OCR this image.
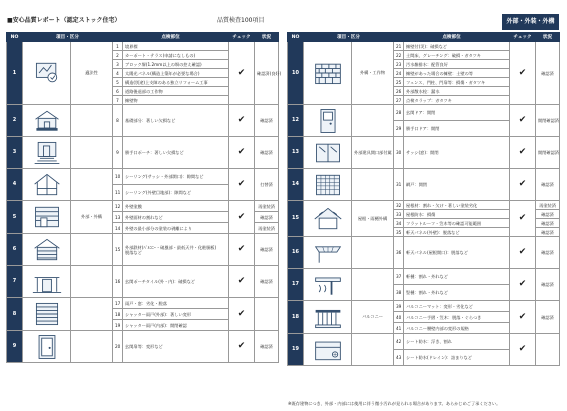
■安心品質レポート（認定ストック住宅）	品質検査100項目	外部・外装・外構
NO	項目・区分		点検部位		チェック	状況	
1		適法性	1	境界標	✔	確認済(良好)	
			2	カーポート・テラス(申請になしもの)			

			3	ブロック塀(1.2mm以上の塀の控え確認)			

			4	太陽光パネル(構造上築年が必要な場合)			

			5	構造(別途)上支障のある独立リフォーム工事			

			6	道路後退部の工作物			

			7	擁壁物			

2			8	基礎部分：著しい欠損など	✔	確認済	
3			9	勝手口ポーチ：著しい欠損など	✔	確認済	
4			10	シーリング(サッシ・外部開口)：隙間など	✔	打替済	
			11	シーリング(外壁目地部)：隙間など			

5		外部・外構	12	外壁塗膜	✔	再塗装済	
			13	外壁面材の割れなど		確認済	
			14	外壁の最小部分の塗装の剥離により		再塗装済	
6			15	外部鉄材(ﾊﾞﾙｺﾆｰ・破風部・最低天井・化粧胴板)
脱落など	✔	確認済	
7			16	玄関ポーチタイル(外・内)：破損など	✔	確認済	
8			17	雨戸・窓：劣化・脱落	✔		
			18	シャッター雨戸(外部)：著しい変形

			19	シャッター雨戸(内部)：開閉確認

9			20	玄関扉等：変形など	✔	確認済	
NO	項目・区分		点検部位		チェック	状況	
10		外構・工作物	21	擁壁付(災)：破損など	✔	確認済	
			22	土間床、グレーチング：破損・ガタツキ			

			23	汚水雑排水：配管良好			

			24	擁壁があった場合の擁壁：土壁の等			

			25	フェンス、門柱、門扉等：損傷・ガタツキ			

			26	外部散水栓：漏水			

			27	点検タラップ：ガタツキ			

12			28	玄関ドア：開閉	✔	開閉確認済	
			29	勝手口ドア：開閉			

13		外部建具開口部付属	30	サッシ(窓)：開閉	✔	開閉確認済	
14			31	網戸：開閉	✔	確認済	
15		屋根・雨樋外構	32	屋根材：割れ・欠け・著しい塗装劣化	✔	再塗装済	
			33	屋根防水：損傷		確認済	
			34	フラットルーフ・笠木等の確認可能範囲		確認済	
			35	軒天パネル(外壁)：脱落など		確認済	
16			36	軒天パネル(屋根開口)：脱落など	✔	確認済	
17			37	軒樋：割れ・外れなど	✔	確認済	
			38	竪樋：割れ・外れなど			

18		バルコニー	39	バルコニーマット：変形・劣化など	✔	確認済	
			40	バルコニー手摺・笠木：脱落・ぐらつき			

			41	バルコニー腰壁内部の変形の規格			

19			42	シート防水：浮き、割れ	✔		
			43	シート防水(ドレイン)：詰まりなど

※既存建物につき、外部・内部には使用に伴う微小汚れが見られる場合があります。あらかじめご了承ください。
